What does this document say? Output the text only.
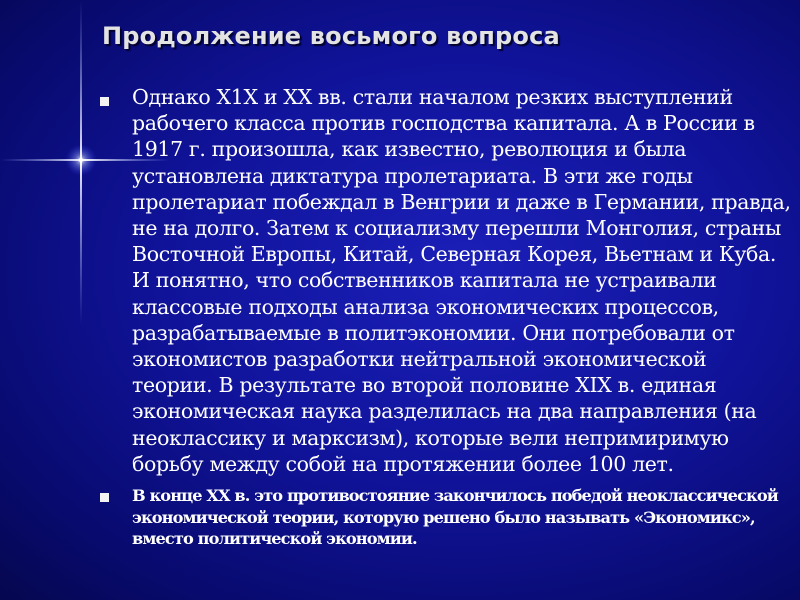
Продолжение восьмого вопроса
Однако Х1Х и ХХ вв. стали началом резких выступлений рабочего класса против господства капитала. А в России в 1917 г. произошла, как известно, революция и была установлена диктатура пролетариата. В эти же годы пролетариат побеждал в Венгрии и даже в Германии, правда, не на долго. Затем к социализму перешли Монголия, страны Восточной Европы, Китай, Северная Корея, Вьетнам и Куба. И понятно, что собственников капитала не устраивали классовые подходы анализа экономических процессов, разрабатываемые в политэкономии. Они потребовали от экономистов разработки нейтральной экономической теории. В результате во второй половине XIX в. единая экономическая наука разделилась на два направления (на неоклассику и марксизм), которые вели непримиримую борьбу между собой на протяжении более 100 лет.
В конце ХХ в. это противостояние закончилось победой неоклассической экономической теории, которую решено было называть «Экономикс», вместо политической экономии.
